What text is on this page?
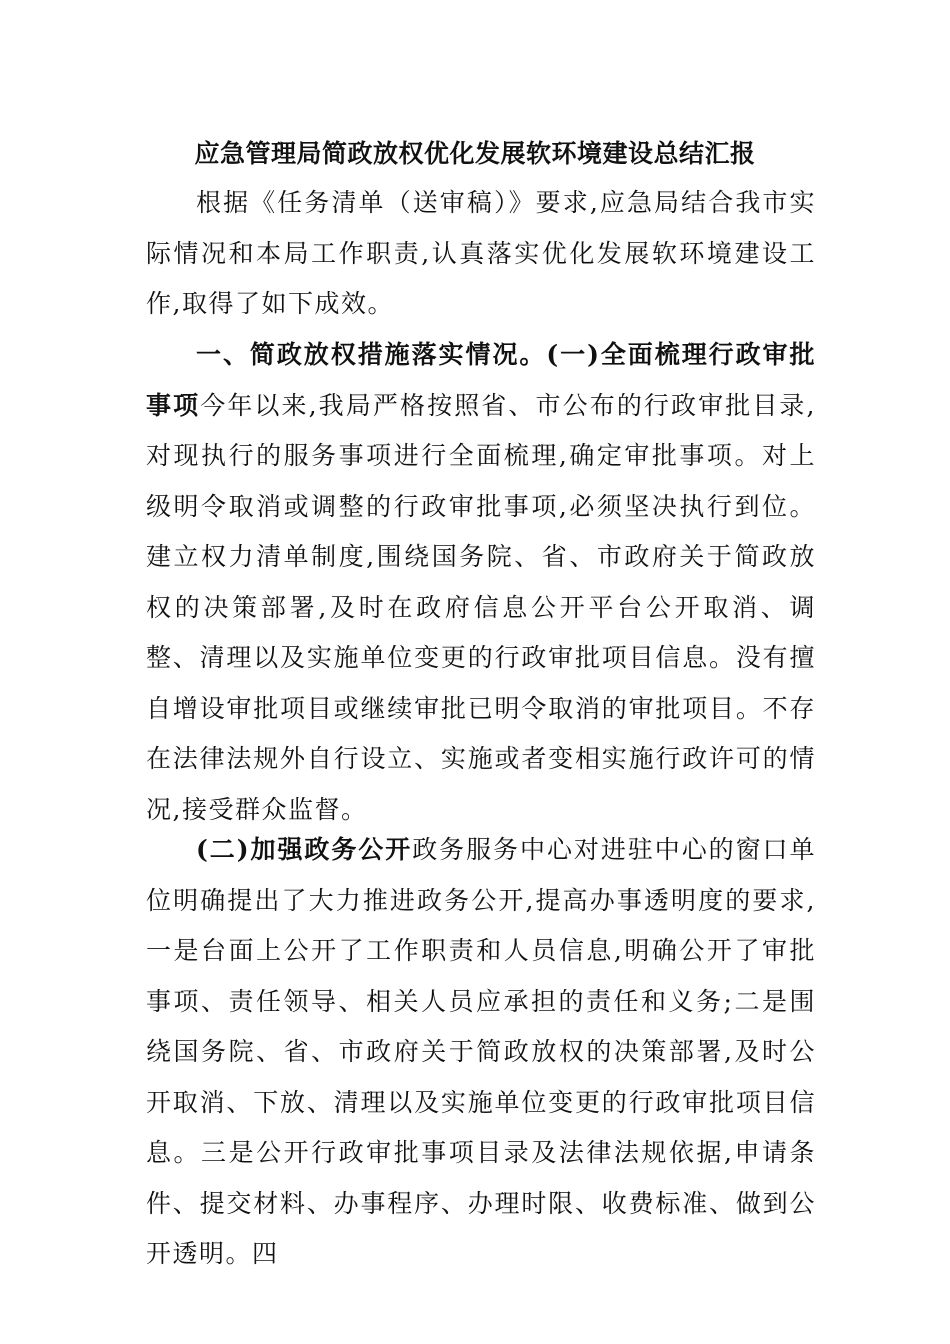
应急管理局简政放权优化发展软环境建设总结汇报

根据《任务清单（送审稿）》要求,应急局结合我市实际情况和本局工作职责,认真落实优化发展软环境建设工作,取得了如下成效。

一、简政放权措施落实情况。(一)全面梳理行政审批事项今年以来,我局严格按照省、市公布的行政审批目录,对现执行的服务事项进行全面梳理,确定审批事项。对上级明令取消或调整的行政审批事项,必须坚决执行到位。建立权力清单制度,围绕国务院、省、市政府关于简政放权的决策部署,及时在政府信息公开平台公开取消、调整、清理以及实施单位变更的行政审批项目信息。没有擅自增设审批项目或继续审批已明令取消的审批项目。不存在法律法规外自行设立、实施或者变相实施行政许可的情况,接受群众监督。

(二)加强政务公开政务服务中心对进驻中心的窗口单位明确提出了大力推进政务公开,提高办事透明度的要求,一是台面上公开了工作职责和人员信息,明确公开了审批事项、责任领导、相关人员应承担的责任和义务;二是围绕国务院、省、市政府关于简政放权的决策部署,及时公开取消、下放、清理以及实施单位变更的行政审批项目信息。三是公开行政审批事项目录及法律法规依据,申请条件、提交材料、办事程序、办理时限、收费标准、做到公开透明。四
